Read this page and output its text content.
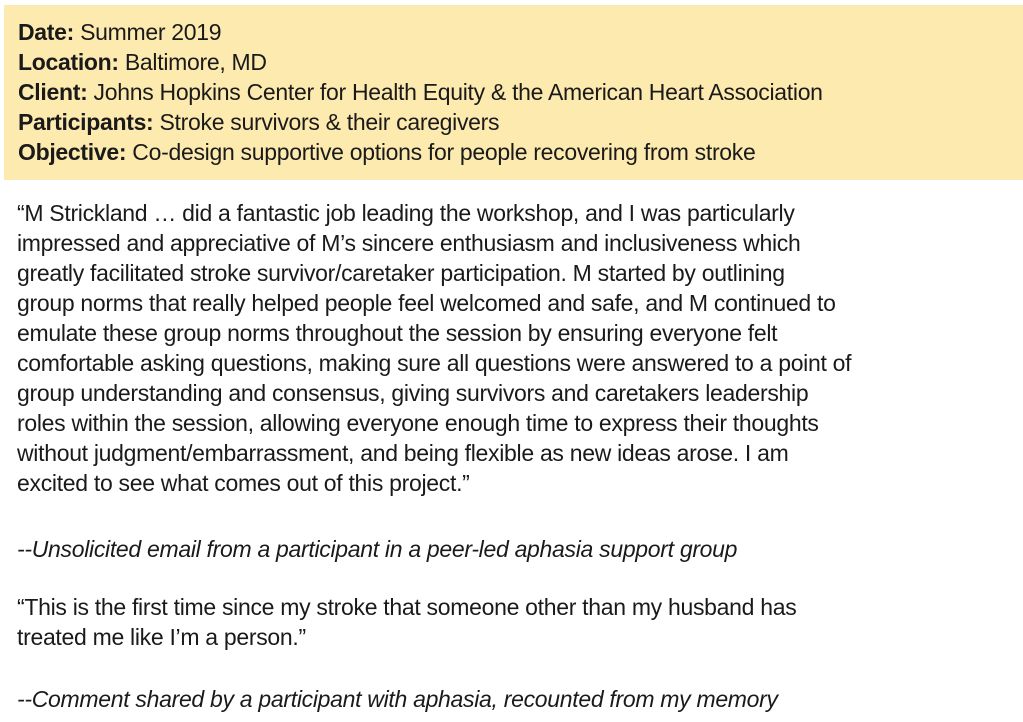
Date: Summer 2019
Location: Baltimore, MD
Client: Johns Hopkins Center for Health Equity & the American Heart Association
Participants: Stroke survivors & their caregivers
Objective: Co-design supportive options for people recovering from stroke
“M Strickland … did a fantastic job leading the workshop, and I was particularly
impressed and appreciative of M’s sincere enthusiasm and inclusiveness which
greatly facilitated stroke survivor/caretaker participation. M started by outlining
group norms that really helped people feel welcomed and safe, and M continued to
emulate these group norms throughout the session by ensuring everyone felt
comfortable asking questions, making sure all questions were answered to a point of
group understanding and consensus, giving survivors and caretakers leadership
roles within the session, allowing everyone enough time to express their thoughts
without judgment/embarrassment, and being flexible as new ideas arose. I am
excited to see what comes out of this project.”
--Unsolicited email from a participant in a peer-led aphasia support group
“This is the first time since my stroke that someone other than my husband has
treated me like I’m a person.”
--Comment shared by a participant with aphasia, recounted from my memory
